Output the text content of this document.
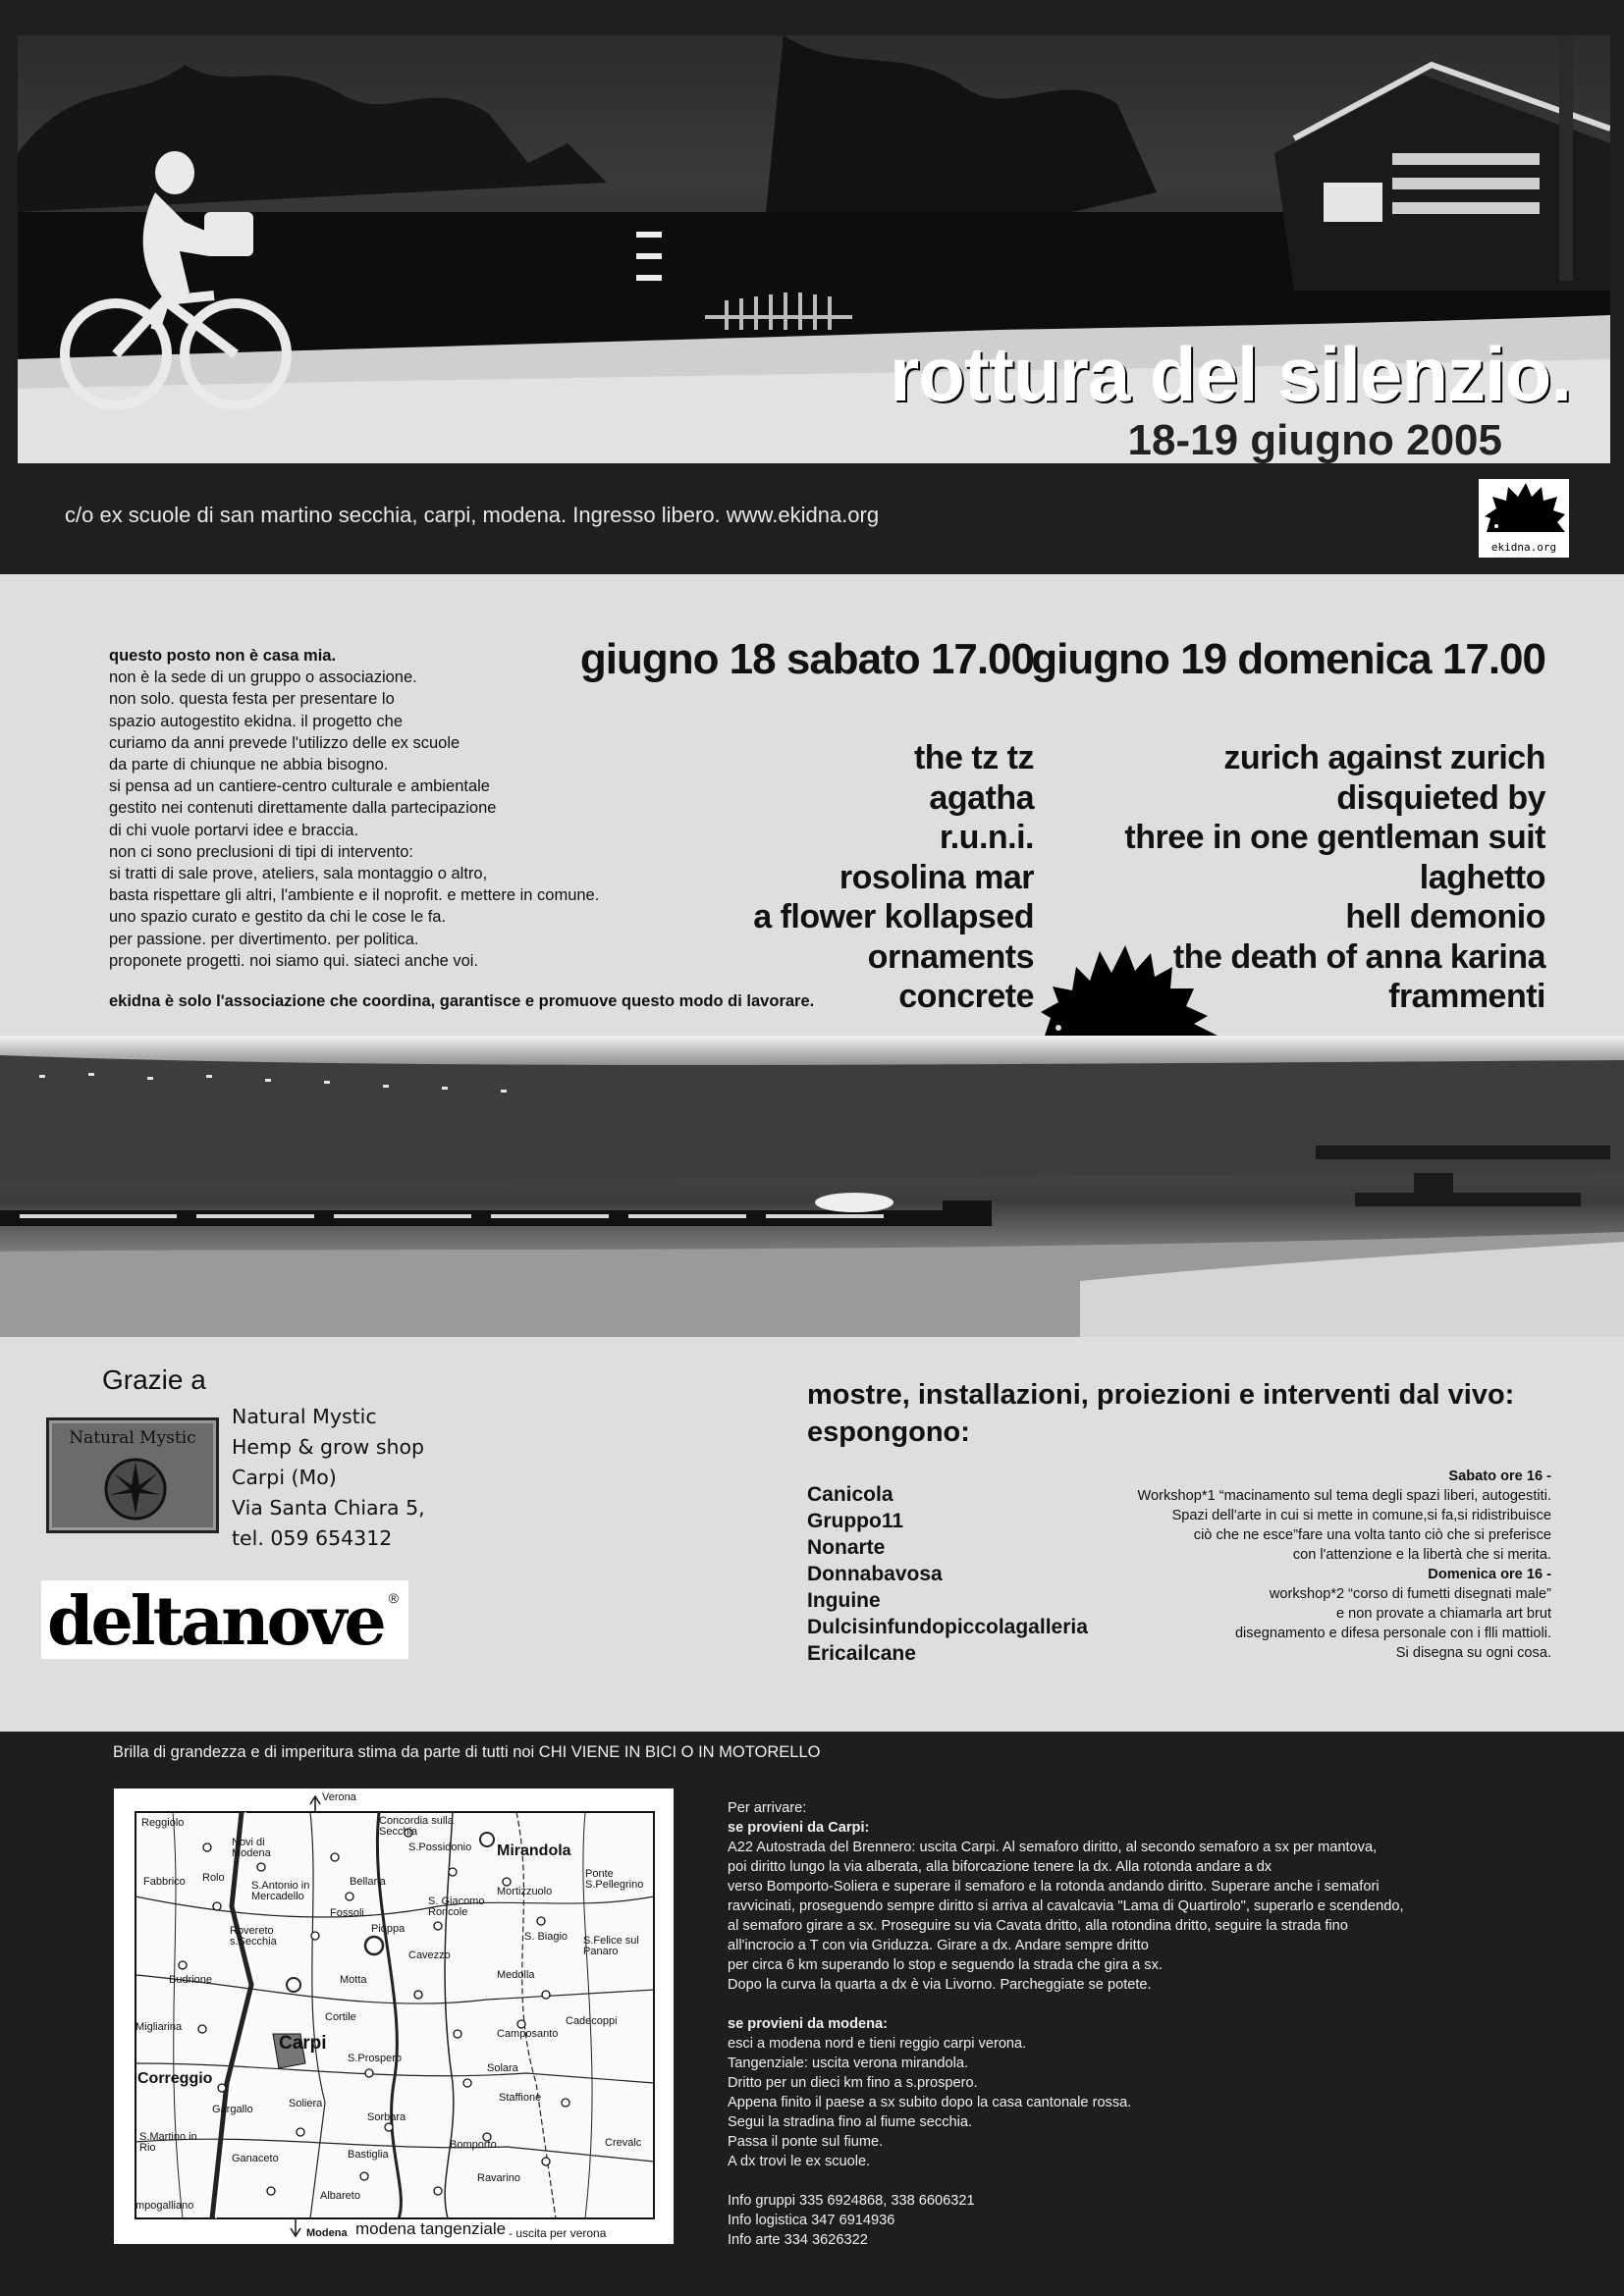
rottura del silenzio.
18-19 giugno 2005
c/o ex scuole di san martino secchia, carpi, modena. Ingresso libero. www.ekidna.org
ekidna.org
questo posto non è casa mia.
non è la sede di un gruppo o associazione.
non solo. questa festa per presentare lo
spazio autogestito ekidna. il progetto che
curiamo da anni prevede l'utilizzo delle ex scuole
da parte di chiunque ne abbia bisogno.
si pensa ad un cantiere-centro culturale e ambientale
gestito nei contenuti direttamente dalla partecipazione
di chi vuole portarvi idee e braccia.
non ci sono preclusioni di tipi di intervento:
si tratti di sale prove, ateliers, sala montaggio o altro,
basta rispettare gli altri, l'ambiente e il noprofit. e mettere in comune.
uno spazio curato e gestito da chi le cose le fa.
per passione. per divertimento. per politica.
proponete progetti. noi siamo qui. siateci anche voi.
ekidna è solo l'associazione che coordina, garantisce e promuove questo modo di lavorare.
giugno 18 sabato 17.00
giugno 19 domenica 17.00
the tz tz
agatha
r.u.n.i.
rosolina mar
a flower kollapsed
ornaments
concrete
zurich against zurich
disquieted by
three in one gentleman suit
laghetto
hell demonio
the death of anna karina
frammenti
Grazie a
Natural Mystic
Natural Mystic
Hemp & grow shop
Carpi (Mo)
Via Santa Chiara 5,
tel. 059 654312
deltanove ®
mostre, installazioni, proiezioni e interventi dal vivo:
espongono:
Canicola
Gruppo11
Nonarte
Donnabavosa
Inguine
Dulcisinfundopiccolagalleria
Ericailcane
Sabato ore 16 -
Workshop*1 “macinamento sul tema degli spazi liberi, autogestiti.
Spazi dell'arte in cui si mette in comune,si fa,si ridistribuisce
ciò che ne esce”fare una volta tanto ciò che si preferisce
con l'attenzione e la libertà che si merita.
Domenica ore 16 -
workshop*2 “corso di fumetti disegnati male”
e non provate a chiamarla art brut
disegnamento e difesa personale con i flli mattioli.
Si disegna su ogni cosa.
Brilla di grandezza e di imperitura stima da parte di tutti noi CHI VIENE IN BICI O IN MOTORELLO
Verona
Reggiolo
Novi di Modena
Concordia sulla Secchia
S.Possidonio Mirandola
Fabbrico Rolo
S.Antonio in Mercadello
Bellaria
S. Giacomo Roncole
Mortizzuolo
Ponte S.Pellegrino
Fossoli
Rovereto s.Secchia
Pioppa
S. Biagio S.Felice sul Panaro
Budrione
Cavezzo
Medolla
Motta
Migliarina
Cortile
Carpi	Camposanto
Cadecoppi
Correggio
S.Prospero
Solara
Gargallo	Soliera	Staffione
S.Martino in Rio
Sorbara
Bomporto
Ganaceto	Bastiglia
Ravarino
Crevalc
Albareto
mpogalliano
Modena modena tangenziale - uscita per verona
Per arrivare:
se provieni da Carpi:
A22 Autostrada del Brennero: uscita Carpi. Al semaforo diritto, al secondo semaforo a sx per mantova,
poi diritto lungo la via alberata, alla biforcazione tenere la dx. Alla rotonda andare a dx
verso Bomporto-Soliera e superare il semaforo e la rotonda andando diritto. Superare anche i semafori
ravvicinati, proseguendo sempre diritto si arriva al cavalcavia "Lama di Quartirolo", superarlo e scendendo,
al semaforo girare a sx. Proseguire su via Cavata dritto, alla rotondina dritto, seguire la strada fino
all'incrocio a T con via Griduzza. Girare a dx. Andare sempre dritto
per circa 6 km superando lo stop e seguendo la strada che gira a sx.
Dopo la curva la quarta a dx è via Livorno. Parcheggiate se potete.
se provieni da modena:
esci a modena nord e tieni reggio carpi verona.
Tangenziale: uscita verona mirandola.
Dritto per un dieci km fino a s.prospero.
Appena finito il paese a sx subito dopo la casa cantonale rossa.
Segui la stradina fino al fiume secchia.
Passa il ponte sul fiume.
A dx trovi le ex scuole.
Info gruppi 335 6924868, 338 6606321
Info logistica 347 6914936
Info arte 334 3626322
